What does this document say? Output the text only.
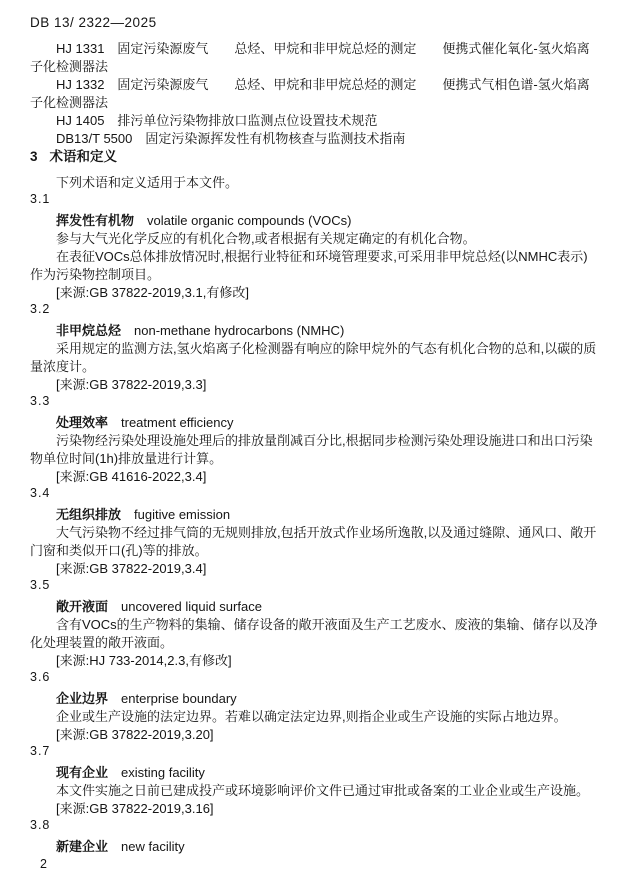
DB 13/ 2322—2025

HJ 1331　固定污染源废气　　总烃、甲烷和非甲烷总烃的测定　　便携式催化氧化-氢火焰离子化检测器法

HJ 1332　固定污染源废气　　总烃、甲烷和非甲烷总烃的测定　　便携式气相色谱-氢火焰离子化检测器法

HJ 1405　排污单位污染物排放口监测点位设置技术规范

DB13/T 5500　固定污染源挥发性有机物核查与监测技术指南

3 术语和定义

下列术语和定义适用于本文件。

3.1
挥发性有机物 volatile organic compounds (VOCs)

参与大气光化学反应的有机化合物,或者根据有关规定确定的有机化合物。

在表征VOCs总体排放情况时,根据行业特征和环境管理要求,可采用非甲烷总烃(以NMHC表示)作为污染物控制项目。

[来源:GB 37822-2019,3.1,有修改]

3.2
非甲烷总烃 non-methane hydrocarbons (NMHC)

采用规定的监测方法,氢火焰离子化检测器有响应的除甲烷外的气态有机化合物的总和,以碳的质量浓度计。

[来源:GB 37822-2019,3.3]

3.3
处理效率 treatment efficiency

污染物经污染处理设施处理后的排放量削减百分比,根据同步检测污染处理设施进口和出口污染物单位时间(1h)排放量进行计算。

[来源:GB 41616-2022,3.4]

3.4
无组织排放 fugitive emission

大气污染物不经过排气筒的无规则排放,包括开放式作业场所逸散,以及通过缝隙、通风口、敞开门窗和类似开口(孔)等的排放。

[来源:GB 37822-2019,3.4]

3.5
敞开液面 uncovered liquid surface

含有VOCs的生产物料的集输、储存设备的敞开液面及生产工艺废水、废液的集输、储存以及净化处理装置的敞开液面。

[来源:HJ 733-2014,2.3,有修改]

3.6
企业边界 enterprise boundary

企业或生产设施的法定边界。若难以确定法定边界,则指企业或生产设施的实际占地边界。

[来源:GB 37822-2019,3.20]

3.7
现有企业 existing facility

本文件实施之日前已建成投产或环境影响评价文件已通过审批或备案的工业企业或生产设施。

[来源:GB 37822-2019,3.16]

3.8
新建企业 new facility
2
